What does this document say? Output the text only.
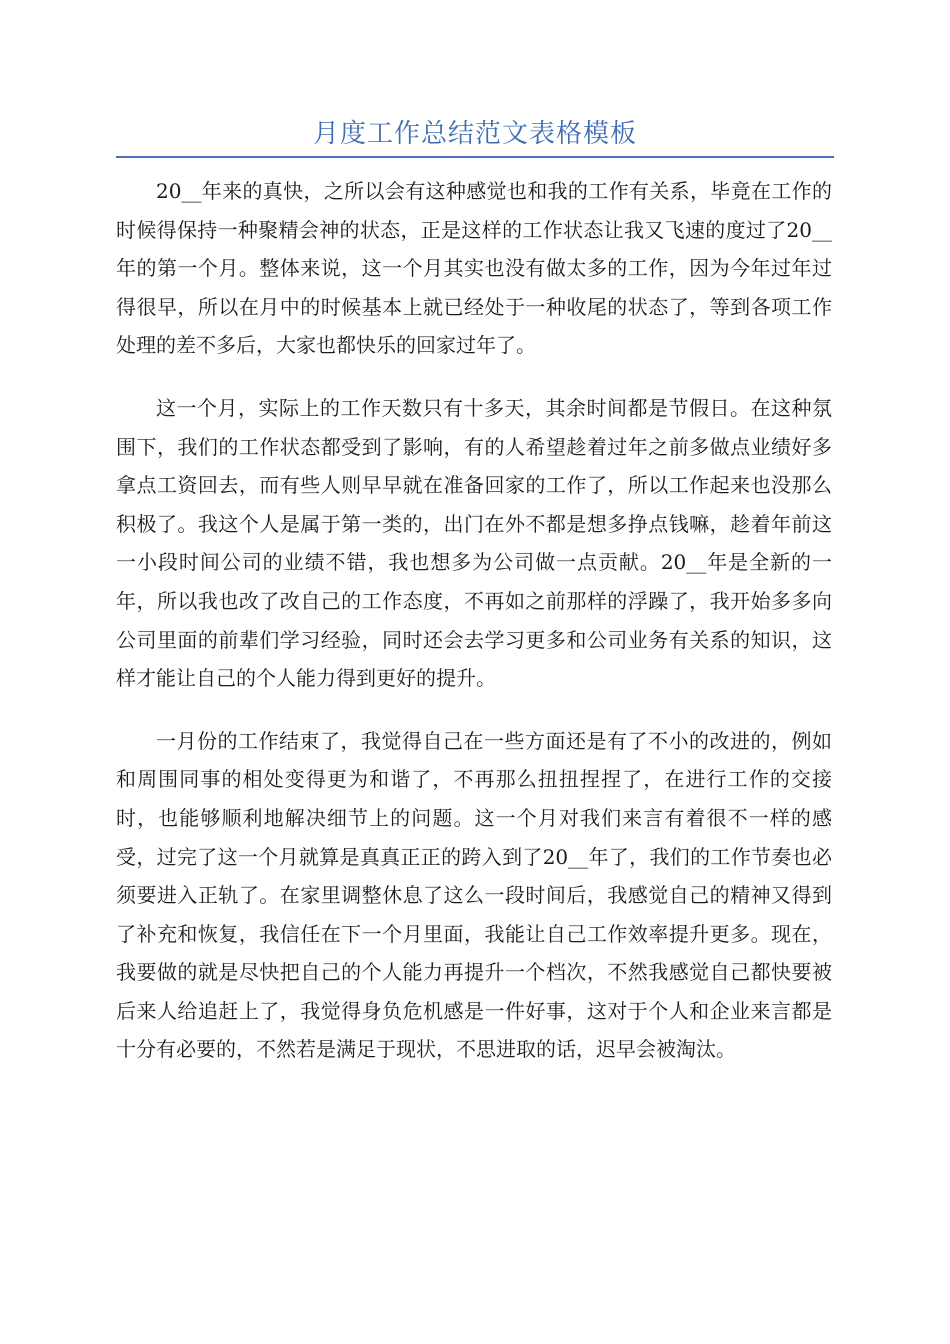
月度工作总结范文表格模板

20__年来的真快，之所以会有这种感觉也和我的工作有关系，毕竟在工作的时候得保持一种聚精会神的状态，正是这样的工作状态让我又飞速的度过了20__年的第一个月。整体来说，这一个月其实也没有做太多的工作，因为今年过年过得很早，所以在月中的时候基本上就已经处于一种收尾的状态了，等到各项工作处理的差不多后，大家也都快乐的回家过年了。

这一个月，实际上的工作天数只有十多天，其余时间都是节假日。在这种氛围下，我们的工作状态都受到了影响，有的人希望趁着过年之前多做点业绩好多拿点工资回去，而有些人则早早就在准备回家的工作了，所以工作起来也没那么积极了。我这个人是属于第一类的，出门在外不都是想多挣点钱嘛，趁着年前这一小段时间公司的业绩不错，我也想多为公司做一点贡献。20__年是全新的一年，所以我也改了改自己的工作态度，不再如之前那样的浮躁了，我开始多多向公司里面的前辈们学习经验，同时还会去学习更多和公司业务有关系的知识，这样才能让自己的个人能力得到更好的提升。

一月份的工作结束了，我觉得自己在一些方面还是有了不小的改进的，例如和周围同事的相处变得更为和谐了，不再那么扭扭捏捏了，在进行工作的交接时，也能够顺利地解决细节上的问题。这一个月对我们来言有着很不一样的感受，过完了这一个月就算是真真正正的跨入到了20__年了，我们的工作节奏也必须要进入正轨了。在家里调整休息了这么一段时间后，我感觉自己的精神又得到了补充和恢复，我信任在下一个月里面，我能让自己工作效率提升更多。现在，我要做的就是尽快把自己的个人能力再提升一个档次，不然我感觉自己都快要被后来人给追赶上了，我觉得身负危机感是一件好事，这对于个人和企业来言都是十分有必要的，不然若是满足于现状，不思进取的话，迟早会被淘汰。
